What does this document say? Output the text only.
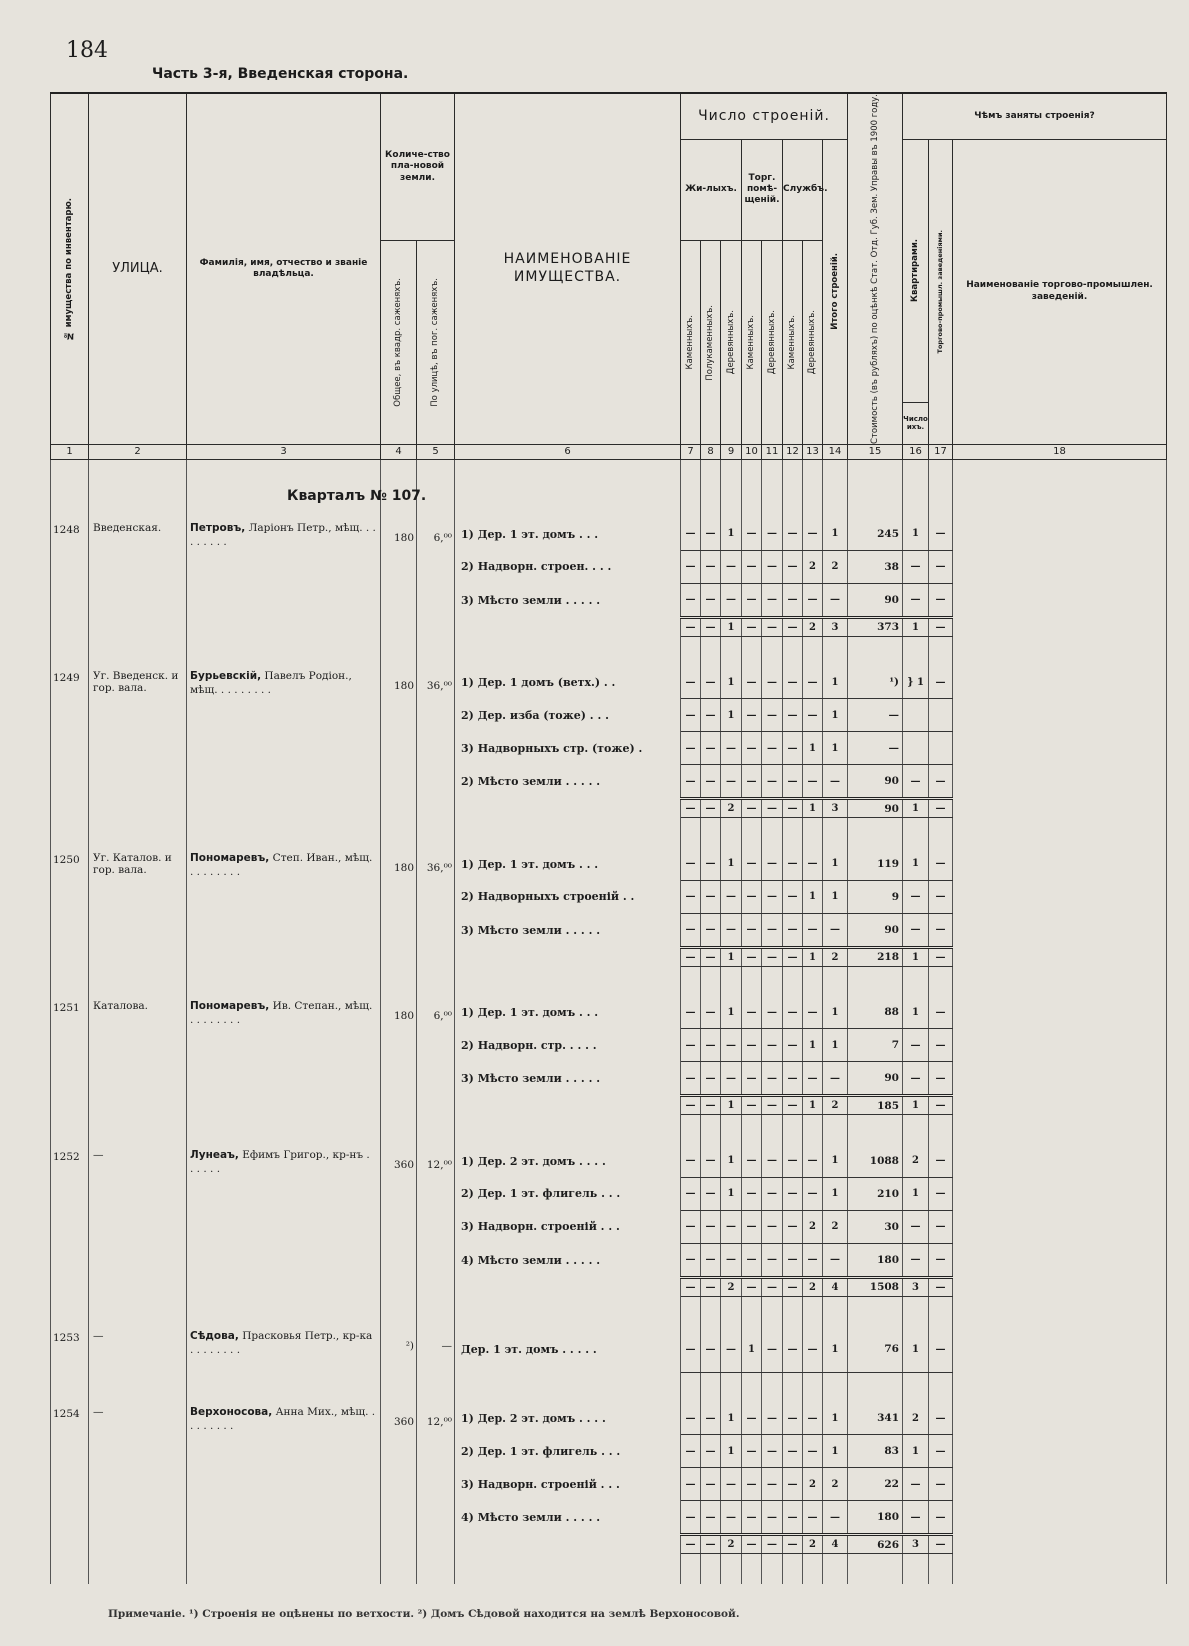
184
Часть 3-я, Введенская сторона.
№ имущества по инвентарю.	УЛИЦА.	Фамилія, имя, отчество и званіе владѣльца.	Количе-ство пла-новой земли.		НАИМЕНОВАНІЕ ИМУЩЕСТВА.	Число строеній.								Стоимость (въ рубляхъ) по оцѣнкѣ Стат. Отд. Губ. Зем. Управы въ 1900 году.	Чѣмъ заняты строенія?		
						Жи-лыхъ.			Торг. помѣ-щеній.		Службъ.		Итого строеній.		Квартирами.	Торгово-промышл. заведеніями.	Наименованіе торгово-промышлен. заведеній.

			Общее, въ квадр. саженяхъ.	По улицѣ, въ пог. саженяхъ.		Каменныхъ.	Полукаменныхъ.	Деревянныхъ.	Каменныхъ.	Деревянныхъ.	Каменныхъ.	Деревянныхъ.					

															Число ихъ.		
1	2	3	4	5	6	7	8	9	10	11	12	13	14	15	16	17	18
		Кварталъ № 107.															
1248	Введенская.	Петровъ, Ларіонъ Петр., мѣщ. . . . . . . . .	180	6,⁰⁰	1) Дер. 1 эт. домъ . . .	—	—	1	—	—	—	—	1	245	1	—	
					2) Надворн. строен. . . .	—	—	—	—	—	—	2	2	38	—	—	
					3) Мѣсто земли . . . . .	—	—	—	—	—	—	—	—	90	—	—	
						—	—	1	—	—	—	2	3	373	1	—	

1249	Уг. Введенск. и гор. вала.	Бурьевскій, Павелъ Родіон., мѣщ. . . . . . . . .	180	36,⁰⁰	1) Дер. 1 домъ (ветх.) . .	—	—	1	—	—	—	—	1	¹)	} 1	—	
					2) Дер. изба (тоже) . . .	—	—	1	—	—	—	—	1	—			
					3) Надворныхъ стр. (тоже) .	—	—	—	—	—	—	1	1	—			
					2) Мѣсто земли . . . . .	—	—	—	—	—	—	—	—	90	—	—	
						—	—	2	—	—	—	1	3	90	1	—	

1250	Уг. Каталов. и гор. вала.	Пономаревъ, Степ. Иван., мѣщ. . . . . . . . .	180	36,⁰⁰	1) Дер. 1 эт. домъ . . .	—	—	1	—	—	—	—	1	119	1	—	
					2) Надворныхъ строеній . .	—	—	—	—	—	—	1	1	9	—	—	
					3) Мѣсто земли . . . . .	—	—	—	—	—	—	—	—	90	—	—	
						—	—	1	—	—	—	1	2	218	1	—	

1251	Каталова.	Пономаревъ, Ив. Степан., мѣщ. . . . . . . . .	180	6,⁰⁰	1) Дер. 1 эт. домъ . . .	—	—	1	—	—	—	—	1	88	1	—	
					2) Надворн. стр. . . . .	—	—	—	—	—	—	1	1	7	—	—	
					3) Мѣсто земли . . . . .	—	—	—	—	—	—	—	—	90	—	—	
						—	—	1	—	—	—	1	2	185	1	—	

1252	—	Лунеаъ, Ефимъ Григор., кр-нъ . . . . . .	360	12,⁰⁰	1) Дер. 2 эт. домъ . . . .	—	—	1	—	—	—	—	1	1088	2	—	
					2) Дер. 1 эт. флигель . . .	—	—	1	—	—	—	—	1	210	1	—	
					3) Надворн. строеній . . .	—	—	—	—	—	—	2	2	30	—	—	
					4) Мѣсто земли . . . . .	—	—	—	—	—	—	—	—	180	—	—	
						—	—	2	—	—	—	2	4	1508	3	—	

1253	—	Сѣдова, Прасковья Петр., кр-ка . . . . . . . .	²)	—	Дер. 1 эт. домъ . . . . .	—	—	—	1	—	—	—	1	76	1	—	

1254	—	Верхоносова, Анна Мих., мѣщ. . . . . . . . .	360	12,⁰⁰	1) Дер. 2 эт. домъ . . . .	—	—	1	—	—	—	—	1	341	2	—	
					2) Дер. 1 эт. флигель . . .	—	—	1	—	—	—	—	1	83	1	—	
					3) Надворн. строеній . . .	—	—	—	—	—	—	2	2	22	—	—	
					4) Мѣсто земли . . . . .	—	—	—	—	—	—	—	—	180	—	—	
						—	—	2	—	—	—	2	4	626	3	—	

Примечаніе. ¹) Строенія не оцѣнены по ветхости. ²) Домъ Сѣдовой находится на землѣ Верхоносовой.
